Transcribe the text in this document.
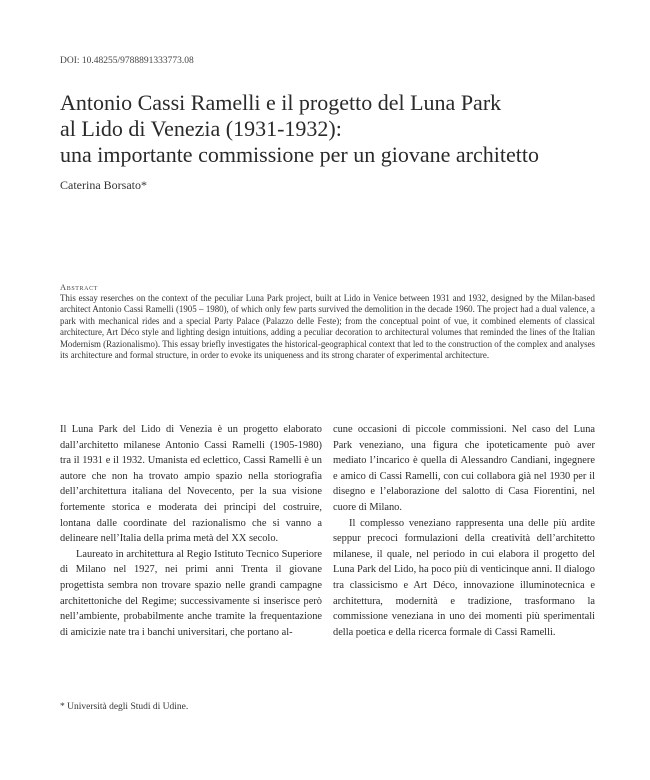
DOI: 10.48255/9788891333773.08
Antonio Cassi Ramelli e il progetto del Luna Park
al Lido di Venezia (1931-1932):
una importante commissione per un giovane architetto
Caterina Borsato*
Abstract

This essay reserches on the context of the peculiar Luna Park project, built at Lido in Venice between 1931 and 1932, designed by the Milan-based architect Antonio Cassi Ramelli (1905 – 1980), of which only few parts survived the demolition in the decade 1960. The project had a dual valence, a park with mechanical rides and a special Party Palace (Palazzo delle Feste); from the conceptual point of vue, it combined elements of classical architecture, Art Déco style and lighting design intuitions, adding a peculiar decoration to architectural volumes that reminded the lines of the Italian Modernism (Razionalismo). This essay briefly investigates the historical-geographical context that led to the construction of the complex and analyses its architecture and formal structure, in order to evoke its uniqueness and its strong charater of experimental architecture.

Il Luna Park del Lido di Venezia è un progetto elaborato dall’architetto milanese Antonio Cassi Ramelli (1905-1980) tra il 1931 e il 1932. Umanista ed eclettico, Cassi Ramelli è un autore che non ha trovato ampio spazio nella storiografia dell’architettura italiana del Novecento, per la sua visione fortemente storica e moderata dei principi del costruire, lontana dalle coordinate del razionalismo che si vanno a delineare nell’Italia della prima metà del XX secolo.

Laureato in architettura al Regio Istituto Tecnico Superiore di Milano nel 1927, nei primi anni Trenta il giovane progettista sembra non trovare spazio nelle grandi campagne architettoniche del Regime; successivamente si inserisce però nell’ambiente, probabilmente anche tramite la frequentazione di amicizie nate tra i banchi universitari, che portano al-

cune occasioni di piccole commissioni. Nel caso del Luna Park veneziano, una figura che ipoteticamente può aver mediato l’incarico è quella di Alessandro Candiani, ingegnere e amico di Cassi Ramelli, con cui collabora già nel 1930 per il disegno e l’elaborazione del salotto di Casa Fiorentini, nel cuore di Milano.

Il complesso veneziano rappresenta una delle più ardite seppur precoci formulazioni della creatività dell’architetto milanese, il quale, nel periodo in cui elabora il progetto del Luna Park del Lido, ha poco più di venticinque anni. Il dialogo tra classicismo e Art Déco, innovazione illuminotecnica e architettura, modernità e tradizione, trasformano la commissione veneziana in uno dei momenti più sperimentali della poetica e della ricerca formale di Cassi Ramelli.

* Università degli Studi di Udine.
